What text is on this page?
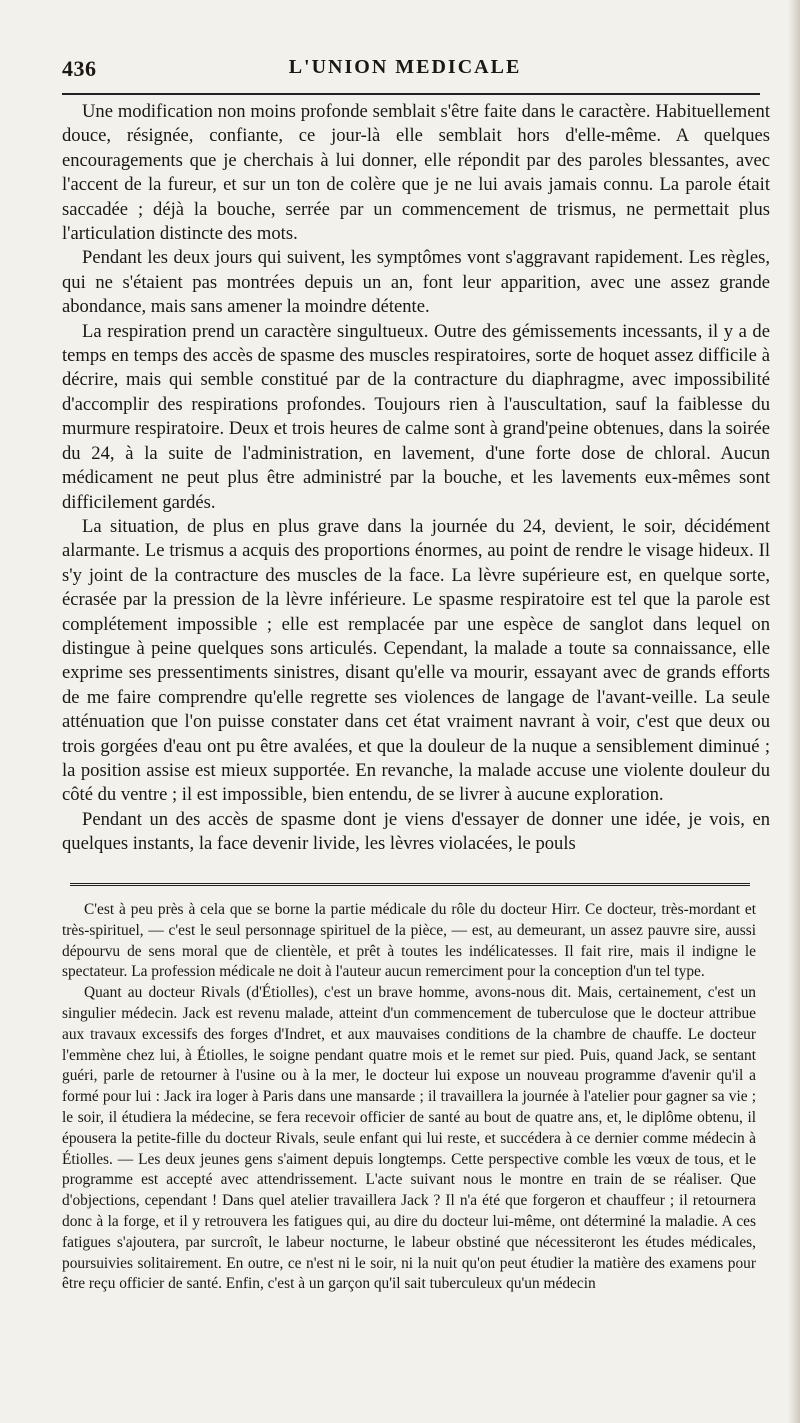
436	L'UNION MEDICALE

Une modification non moins profonde semblait s'être faite dans le caractère. Habituellement douce, résignée, confiante, ce jour-là elle semblait hors d'elle-même. A quelques encouragements que je cherchais à lui donner, elle répondit par des paroles blessantes, avec l'accent de la fureur, et sur un ton de colère que je ne lui avais jamais connu. La parole était saccadée ; déjà la bouche, serrée par un commencement de trismus, ne permettait plus l'articulation distincte des mots.

Pendant les deux jours qui suivent, les symptômes vont s'aggravant rapidement. Les règles, qui ne s'étaient pas montrées depuis un an, font leur apparition, avec une assez grande abondance, mais sans amener la moindre détente.

La respiration prend un caractère singultueux. Outre des gémissements incessants, il y a de temps en temps des accès de spasme des muscles respiratoires, sorte de hoquet assez difficile à décrire, mais qui semble constitué par de la contracture du diaphragme, avec impossibilité d'accomplir des respirations profondes. Toujours rien à l'auscultation, sauf la faiblesse du murmure respiratoire. Deux et trois heures de calme sont à grand'peine obtenues, dans la soirée du 24, à la suite de l'administration, en lavement, d'une forte dose de chloral. Aucun médicament ne peut plus être administré par la bouche, et les lavements eux-mêmes sont difficilement gardés.

La situation, de plus en plus grave dans la journée du 24, devient, le soir, décidément alarmante. Le trismus a acquis des proportions énormes, au point de rendre le visage hideux. Il s'y joint de la contracture des muscles de la face. La lèvre supérieure est, en quelque sorte, écrasée par la pression de la lèvre inférieure. Le spasme respiratoire est tel que la parole est complétement impossible ; elle est remplacée par une espèce de sanglot dans lequel on distingue à peine quelques sons articulés. Cependant, la malade a toute sa connaissance, elle exprime ses pressentiments sinistres, disant qu'elle va mourir, essayant avec de grands efforts de me faire comprendre qu'elle regrette ses violences de langage de l'avant-veille. La seule atténuation que l'on puisse constater dans cet état vraiment navrant à voir, c'est que deux ou trois gorgées d'eau ont pu être avalées, et que la douleur de la nuque a sensiblement diminué ; la position assise est mieux supportée. En revanche, la malade accuse une violente douleur du côté du ventre ; il est impossible, bien entendu, de se livrer à aucune exploration.

Pendant un des accès de spasme dont je viens d'essayer de donner une idée, je vois, en quelques instants, la face devenir livide, les lèvres violacées, le pouls

C'est à peu près à cela que se borne la partie médicale du rôle du docteur Hirr. Ce docteur, très-mordant et très-spirituel, — c'est le seul personnage spirituel de la pièce, — est, au demeurant, un assez pauvre sire, aussi dépourvu de sens moral que de clientèle, et prêt à toutes les indélicatesses. Il fait rire, mais il indigne le spectateur. La profession médicale ne doit à l'auteur aucun remerciment pour la conception d'un tel type.

Quant au docteur Rivals (d'Étiolles), c'est un brave homme, avons-nous dit. Mais, certainement, c'est un singulier médecin. Jack est revenu malade, atteint d'un commencement de tuberculose que le docteur attribue aux travaux excessifs des forges d'Indret, et aux mauvaises conditions de la chambre de chauffe. Le docteur l'emmène chez lui, à Étiolles, le soigne pendant quatre mois et le remet sur pied. Puis, quand Jack, se sentant guéri, parle de retourner à l'usine ou à la mer, le docteur lui expose un nouveau programme d'avenir qu'il a formé pour lui : Jack ira loger à Paris dans une mansarde ; il travaillera la journée à l'atelier pour gagner sa vie ; le soir, il étudiera la médecine, se fera recevoir officier de santé au bout de quatre ans, et, le diplôme obtenu, il épousera la petite-fille du docteur Rivals, seule enfant qui lui reste, et succédera à ce dernier comme médecin à Étiolles. — Les deux jeunes gens s'aiment depuis longtemps. Cette perspective comble les vœux de tous, et le programme est accepté avec attendrissement. L'acte suivant nous le montre en train de se réaliser. Que d'objections, cependant ! Dans quel atelier travaillera Jack ? Il n'a été que forgeron et chauffeur ; il retournera donc à la forge, et il y retrouvera les fatigues qui, au dire du docteur lui-même, ont déterminé la maladie. A ces fatigues s'ajoutera, par surcroît, le labeur nocturne, le labeur obstiné que nécessiteront les études médicales, poursuivies solitairement. En outre, ce n'est ni le soir, ni la nuit qu'on peut étudier la matière des examens pour être reçu officier de santé. Enfin, c'est à un garçon qu'il sait tuberculeux qu'un médecin
